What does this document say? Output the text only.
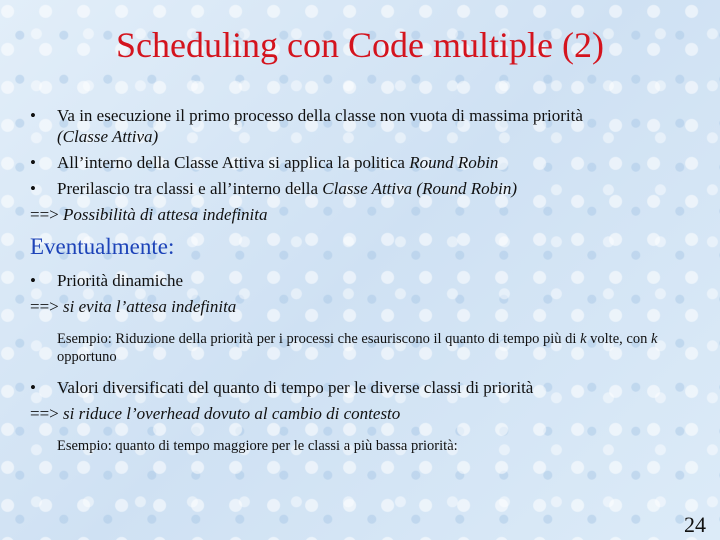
Scheduling con Code multiple (2)
• Va in esecuzione il primo processo della classe non vuota di massima priorità
(Classe Attiva)
• All’interno della Classe Attiva si applica la politica Round Robin
• Prerilascio tra classi e all’interno della Classe Attiva (Round Robin)
==> Possibilità di attesa indefinita
Eventualmente:
• Priorità dinamiche
==> si evita l’attesa indefinita
Esempio: Riduzione della priorità per i processi che esauriscono il quanto di tempo più di k volte, con k opportuno
• Valori diversificati del quanto di tempo per le diverse classi di priorità
==> si riduce l’overhead dovuto al cambio di contesto
Esempio: quanto di tempo maggiore per le classi a più bassa priorità:
24
